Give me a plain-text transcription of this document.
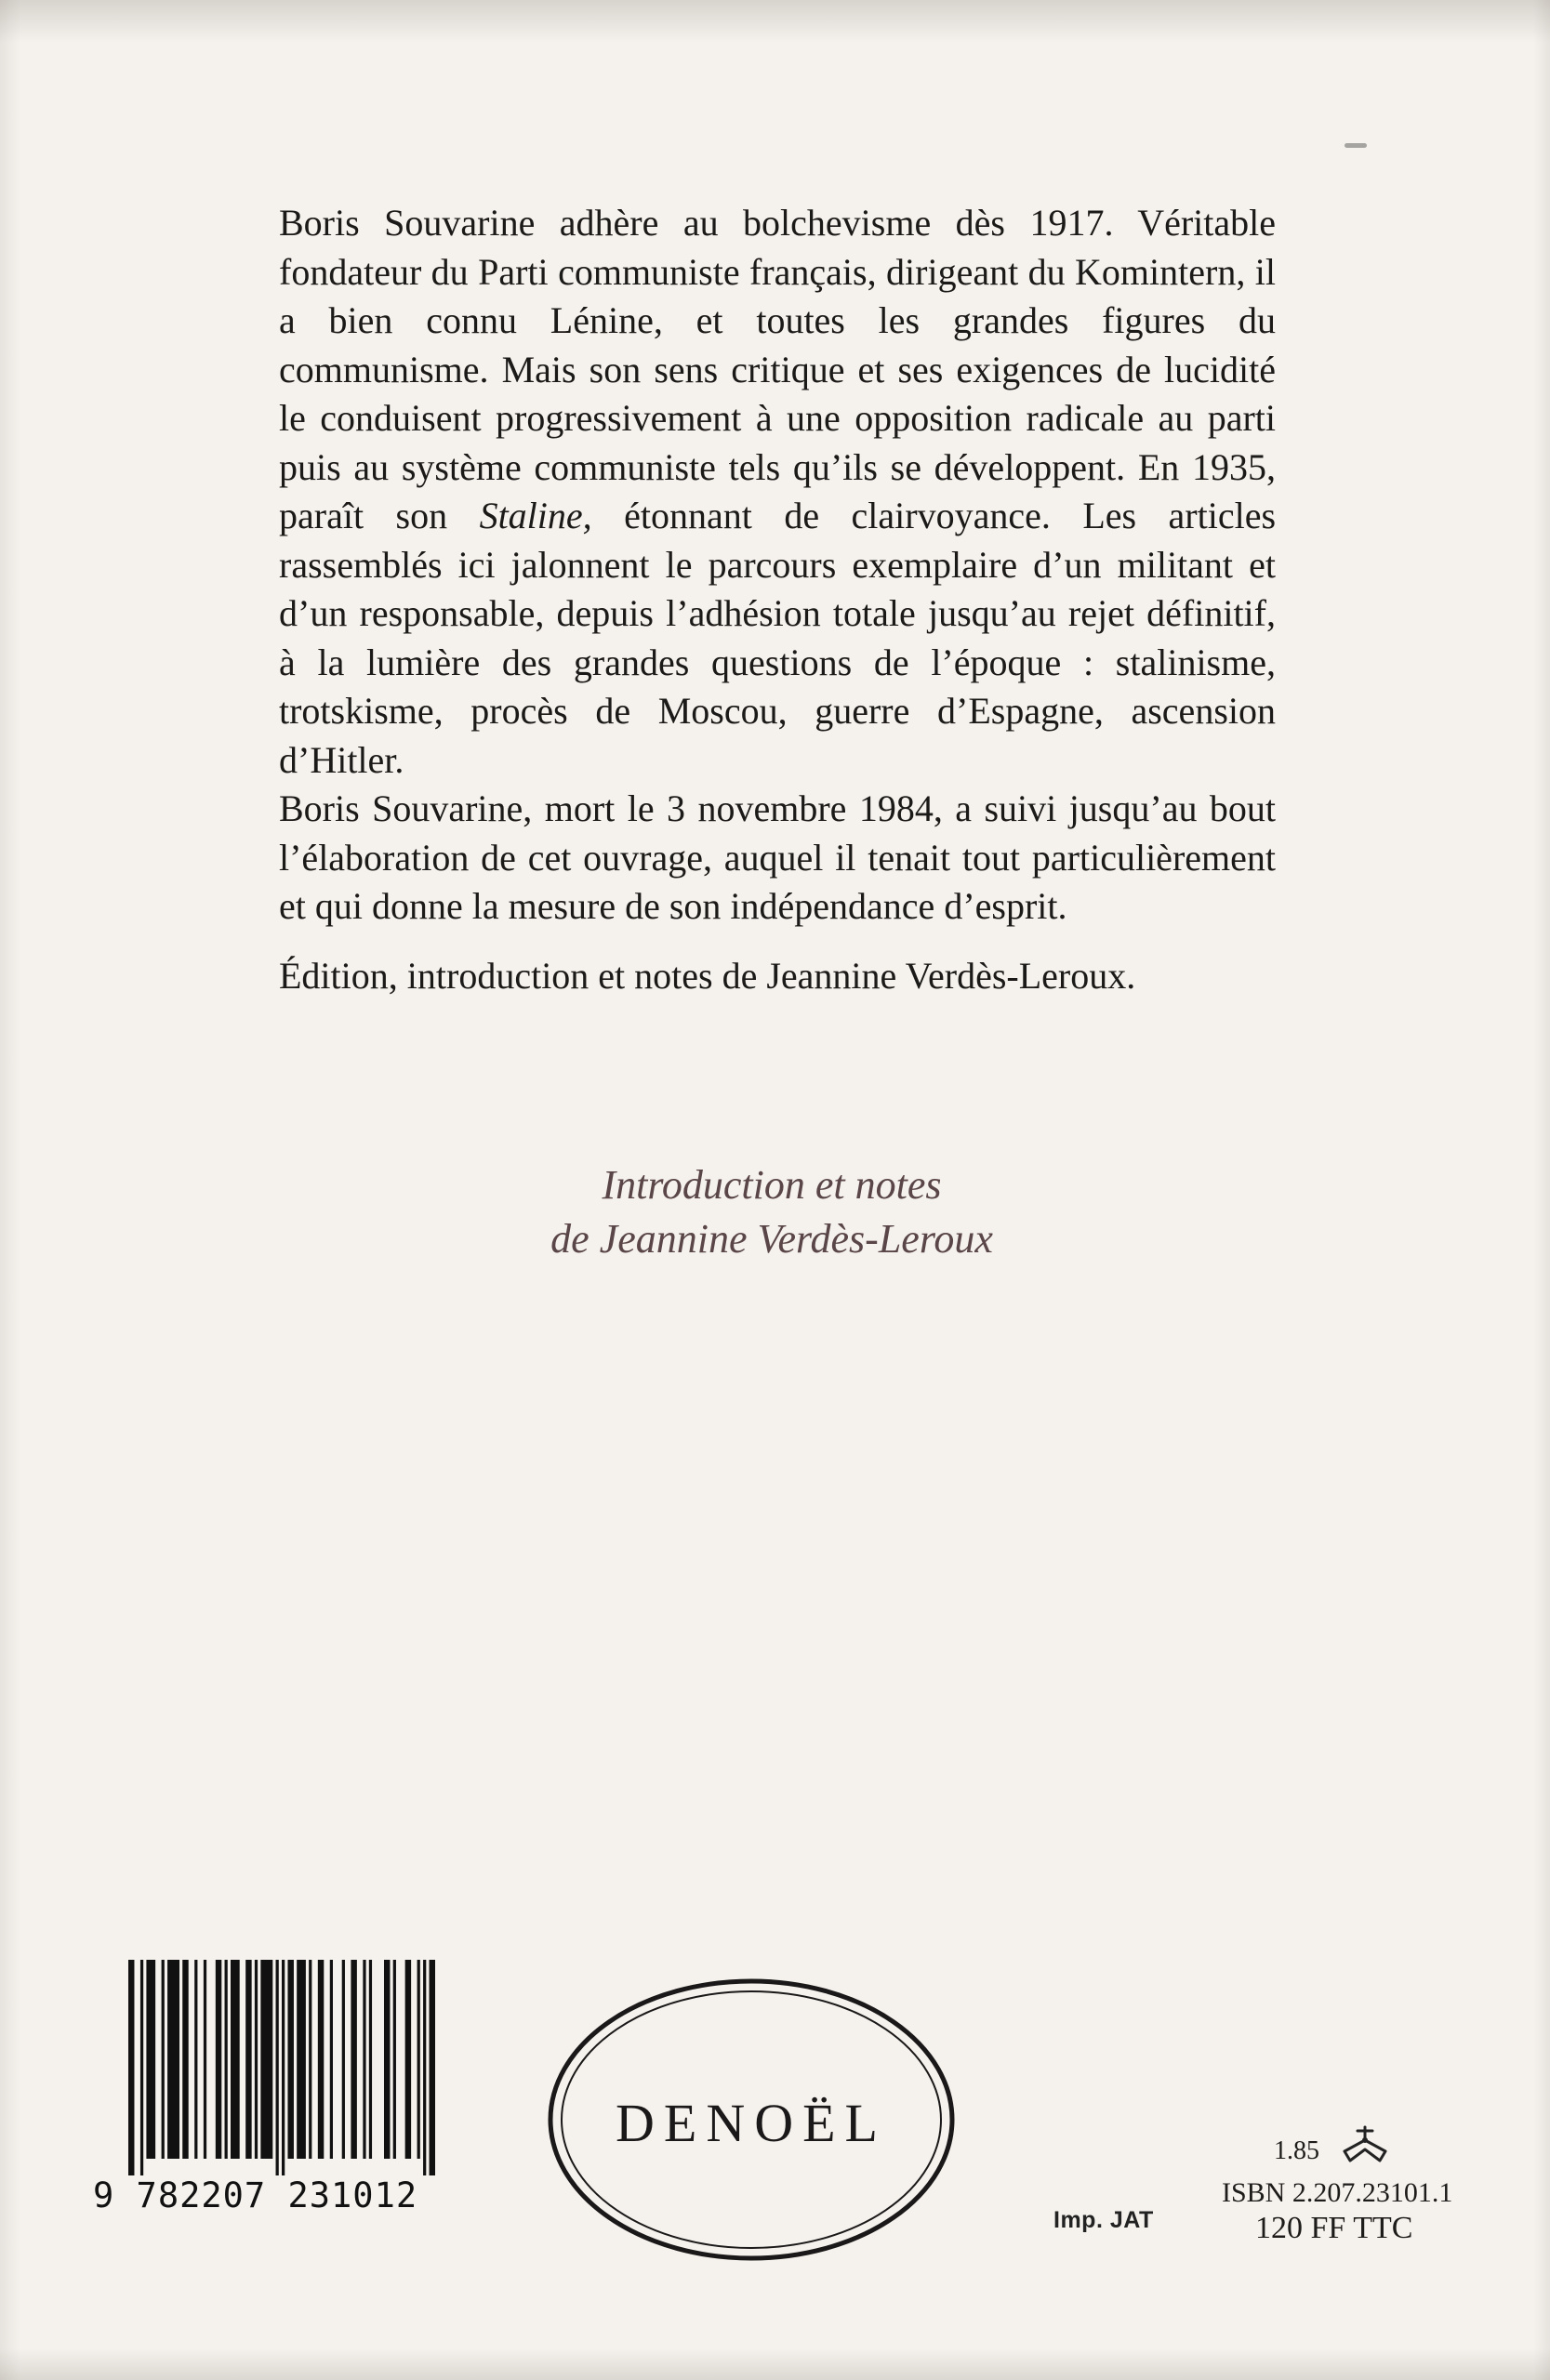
Boris Souvarine adhère au bolchevisme dès 1917. Véritable fondateur du Parti communiste français, dirigeant du Komintern, il a bien connu Lénine, et toutes les grandes figures du communisme. Mais son sens critique et ses exigences de lucidité le conduisent progressivement à une opposition radicale au parti puis au système communiste tels qu’ils se développent. En 1935, paraît son Staline, étonnant de clairvoyance. Les articles rassemblés ici jalonnent le parcours exemplaire d’un militant et d’un responsable, depuis l’adhésion totale jusqu’au rejet définitif, à la lumière des grandes questions de l’époque : stalinisme, trotskisme, procès de Moscou, guerre d’Espagne, ascension d’Hitler.

Boris Souvarine, mort le 3 novembre 1984, a suivi jusqu’au bout l’élaboration de cet ouvrage, auquel il tenait tout particulièrement et qui donne la mesure de son indépendance d’esprit.

Édition, introduction et notes de Jeannine Verdès-Leroux.
Introduction et notes
de Jeannine Verdès-Leroux
9 782207 231012
DENOËL
Imp. JAT
1.85
ISBN 2.207.23101.1
120 FF TTC
